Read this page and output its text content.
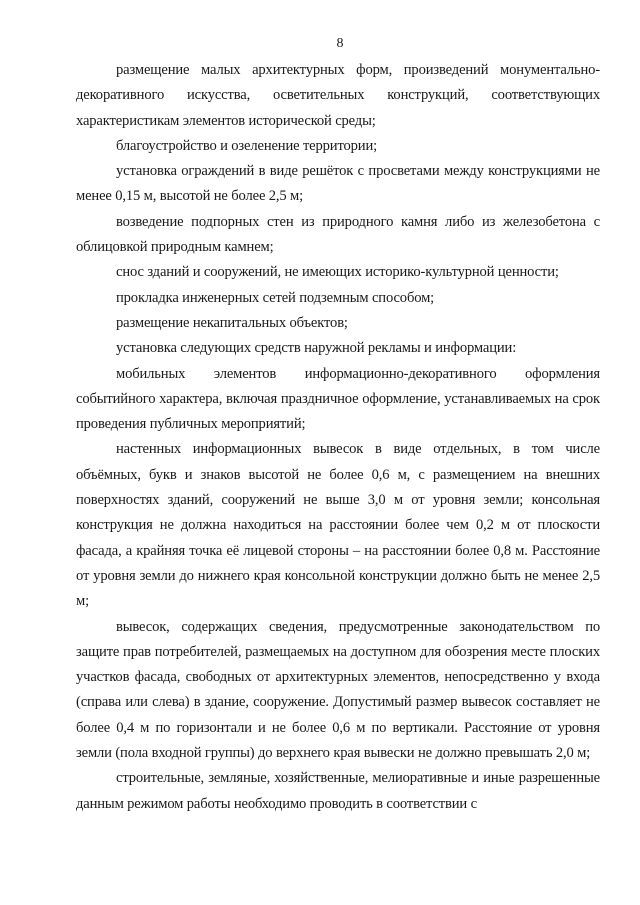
8

размещение малых архитектурных форм, произведений монументально-декоративного искусства, осветительных конструкций, соответствующих характеристикам элементов исторической среды;

благоустройство и озеленение территории;

установка ограждений в виде решёток с просветами между конструкциями не менее 0,15 м, высотой не более 2,5 м;

возведение подпорных стен из природного камня либо из железобетона с облицовкой природным камнем;

снос зданий и сооружений, не имеющих историко-культурной ценности;

прокладка инженерных сетей подземным способом;

размещение некапитальных объектов;

установка следующих средств наружной рекламы и информации:

мобильных элементов информационно-декоративного оформления событийного характера, включая праздничное оформление, устанавливаемых на срок проведения публичных мероприятий;

настенных информационных вывесок в виде отдельных, в том числе объёмных, букв и знаков высотой не более 0,6 м, с размещением на внешних поверхностях зданий, сооружений не выше 3,0 м от уровня земли; консольная конструкция не должна находиться на расстоянии более чем 0,2 м от плоскости фасада, а крайняя точка её лицевой стороны – на расстоянии более 0,8 м. Расстояние от уровня земли до нижнего края консольной конструкции должно быть не менее 2,5 м;

вывесок, содержащих сведения, предусмотренные законодательством по защите прав потребителей, размещаемых на доступном для обозрения месте плоских участков фасада, свободных от архитектурных элементов, непосредственно у входа (справа или слева) в здание, сооружение. Допустимый размер вывесок составляет не более 0,4 м по горизонтали и не более 0,6 м по вертикали. Расстояние от уровня земли (пола входной группы) до верхнего края вывески не должно превышать 2,0 м;

строительные, земляные, хозяйственные, мелиоративные и иные разрешенные данным режимом работы необходимо проводить в соответствии с
